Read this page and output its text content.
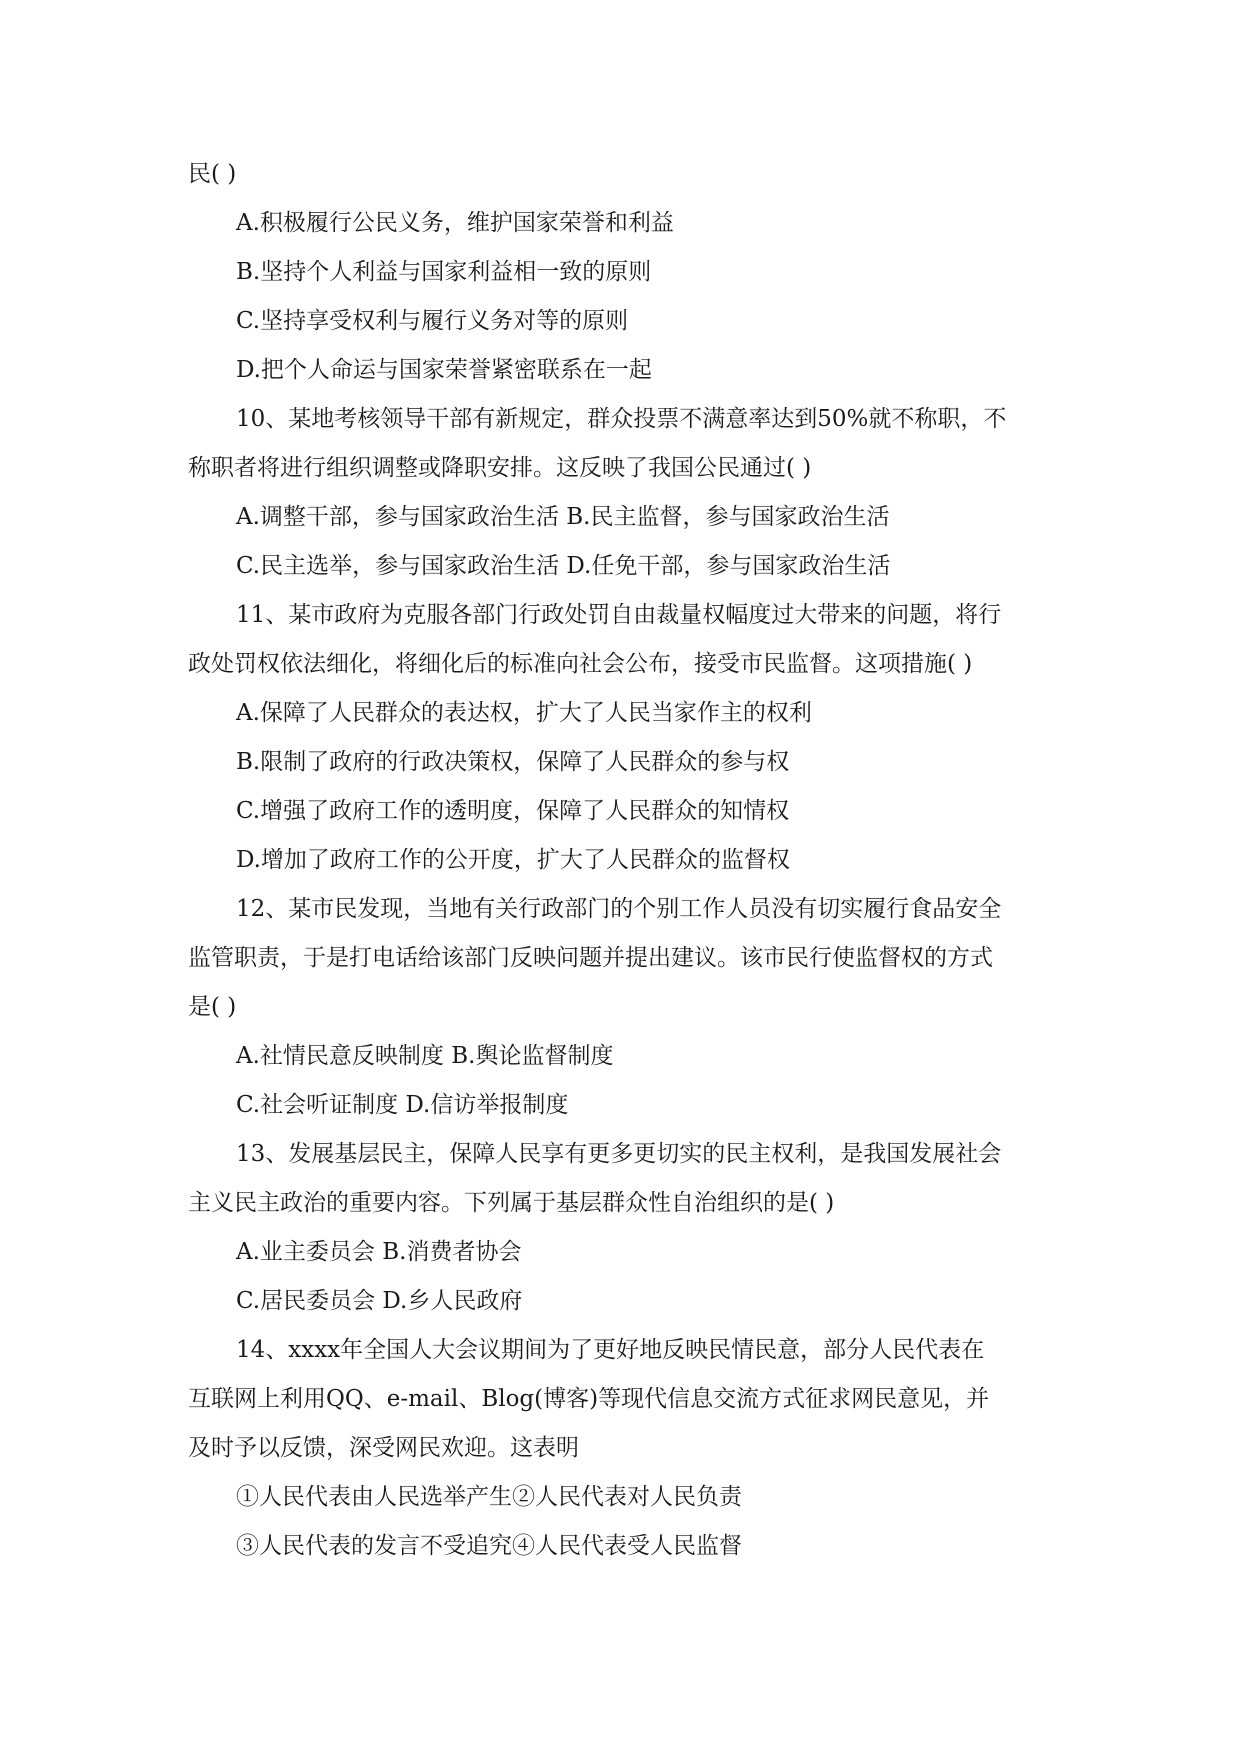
民( )
A.积极履行公民义务，维护国家荣誉和利益
B.坚持个人利益与国家利益相一致的原则
C.坚持享受权利与履行义务对等的原则
D.把个人命运与国家荣誉紧密联系在一起
10、某地考核领导干部有新规定，群众投票不满意率达到50%就不称职，不
称职者将进行组织调整或降职安排。这反映了我国公民通过( )
A.调整干部，参与国家政治生活 B.民主监督，参与国家政治生活
C.民主选举，参与国家政治生活 D.任免干部，参与国家政治生活
11、某市政府为克服各部门行政处罚自由裁量权幅度过大带来的问题，将行
政处罚权依法细化，将细化后的标准向社会公布，接受市民监督。这项措施( )
A.保障了人民群众的表达权，扩大了人民当家作主的权利
B.限制了政府的行政决策权，保障了人民群众的参与权
C.增强了政府工作的透明度，保障了人民群众的知情权
D.增加了政府工作的公开度，扩大了人民群众的监督权
12、某市民发现，当地有关行政部门的个别工作人员没有切实履行食品安全
监管职责，于是打电话给该部门反映问题并提出建议。该市民行使监督权的方式
是( )
A.社情民意反映制度 B.舆论监督制度
C.社会听证制度 D.信访举报制度
13、发展基层民主，保障人民享有更多更切实的民主权利，是我国发展社会
主义民主政治的重要内容。下列属于基层群众性自治组织的是( )
A.业主委员会 B.消费者协会
C.居民委员会 D.乡人民政府
14、xxxx年全国人大会议期间为了更好地反映民情民意，部分人民代表在
互联网上利用QQ、e-mail、Blog(博客)等现代信息交流方式征求网民意见，并
及时予以反馈，深受网民欢迎。这表明
①人民代表由人民选举产生②人民代表对人民负责
③人民代表的发言不受追究④人民代表受人民监督
